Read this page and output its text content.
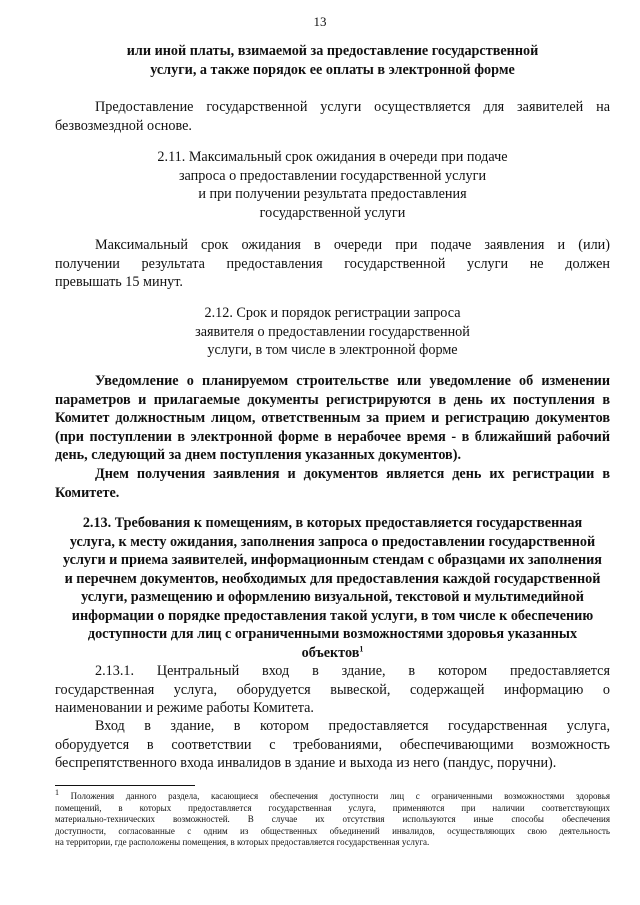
13
или иной платы, взимаемой за предоставление государственной
услуги, а также порядок ее оплаты в электронной форме
Предоставление государственной услуги осуществляется для заявителей на
безвозмездной основе.
2.11. Максимальный срок ожидания в очереди при подаче
запроса о предоставлении государственной услуги
и при получении результата предоставления
государственной услуги
Максимальный срок ожидания в очереди при подаче заявления и (или)
получении результата предоставления государственной услуги не должен
превышать 15 минут.
2.12. Срок и порядок регистрации запроса
заявителя о предоставлении государственной
услуги, в том числе в электронной форме
Уведомление о планируемом строительстве или уведомление об изменении
параметров и прилагаемые документы регистрируются в день их поступления в
Комитет должностным лицом, ответственным за прием и регистрацию документов
(при поступлении в электронной форме в нерабочее время - в ближайший рабочий
день, следующий за днем поступления указанных документов).
Днем получения заявления и документов является день их регистрации в
Комитете.
2.13. Требования к помещениям, в которых предоставляется государственная
услуга, к месту ожидания, заполнения запроса о предоставлении государственной
услуги и приема заявителей, информационным стендам с образцами их заполнения
и перечнем документов, необходимых для предоставления каждой государственной
услуги, размещению и оформлению визуальной, текстовой и мультимедийной
информации о порядке предоставления такой услуги, в том числе к обеспечению
доступности для лиц с ограниченными возможностями здоровья указанных
объектов$^1$
2.13.1. Центральный вход в здание, в котором предоставляется
государственная услуга, оборудуется вывеской, содержащей информацию о
наименовании и режиме работы Комитета.
Вход в здание, в котором предоставляется государственная услуга,
оборудуется в соответствии с требованиями, обеспечивающими возможность
беспрепятственного входа инвалидов в здание и выхода из него (пандус, поручни).
$^1$ Положения данного раздела, касающиеся обеспечения доступности лиц с ограниченными возможностями здоровья
помещений, в которых предоставляется государственная услуга, применяются при наличии соответствующих
материально-технических возможностей. В случае их отсутствия используются иные способы обеспечения
доступности, согласованные с одним из общественных объединений инвалидов, осуществляющих свою деятельность
на территории, где расположены помещения, в которых предоставляется государственная услуга.
